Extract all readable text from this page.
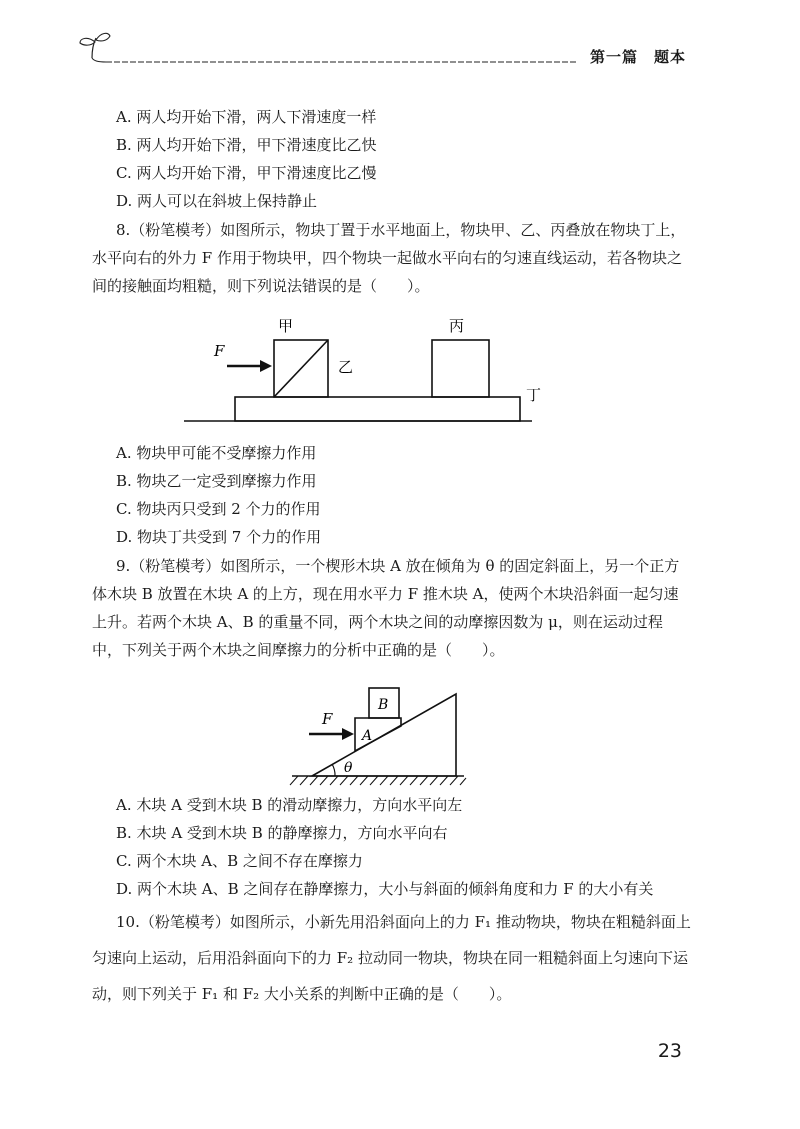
第一篇　题本
A. 两人均开始下滑，两人下滑速度一样
B. 两人均开始下滑，甲下滑速度比乙快
C. 两人均开始下滑，甲下滑速度比乙慢
D. 两人可以在斜坡上保持静止
8.（粉笔模考）如图所示，物块丁置于水平地面上，物块甲、乙、丙叠放在物块丁上，水平向右的外力 F 作用于物块甲，四个物块一起做水平向右的匀速直线运动，若各物块之间的接触面均粗糙，则下列说法错误的是（　　）。
F
甲
乙
丙
丁
A. 物块甲可能不受摩擦力作用
B. 物块乙一定受到摩擦力作用
C. 物块丙只受到 2 个力的作用
D. 物块丁共受到 7 个力的作用
9.（粉笔模考）如图所示，一个楔形木块 A 放在倾角为 θ 的固定斜面上，另一个正方体木块 B 放置在木块 A 的上方，现在用水平力 F 推木块 A，使两个木块沿斜面一起匀速上升。若两个木块 A、B 的重量不同，两个木块之间的动摩擦因数为 μ，则在运动过程中，下列关于两个木块之间摩擦力的分析中正确的是（　　）。
F
A
B
θ
A. 木块 A 受到木块 B 的滑动摩擦力，方向水平向左
B. 木块 A 受到木块 B 的静摩擦力，方向水平向右
C. 两个木块 A、B 之间不存在摩擦力
D. 两个木块 A、B 之间存在静摩擦力，大小与斜面的倾斜角度和力 F 的大小有关
10.（粉笔模考）如图所示，小新先用沿斜面向上的力 F₁ 推动物块，物块在粗糙斜面上匀速向上运动，后用沿斜面向下的力 F₂ 拉动同一物块，物块在同一粗糙斜面上匀速向下运动，则下列关于 F₁ 和 F₂ 大小关系的判断中正确的是（　　）。
23
